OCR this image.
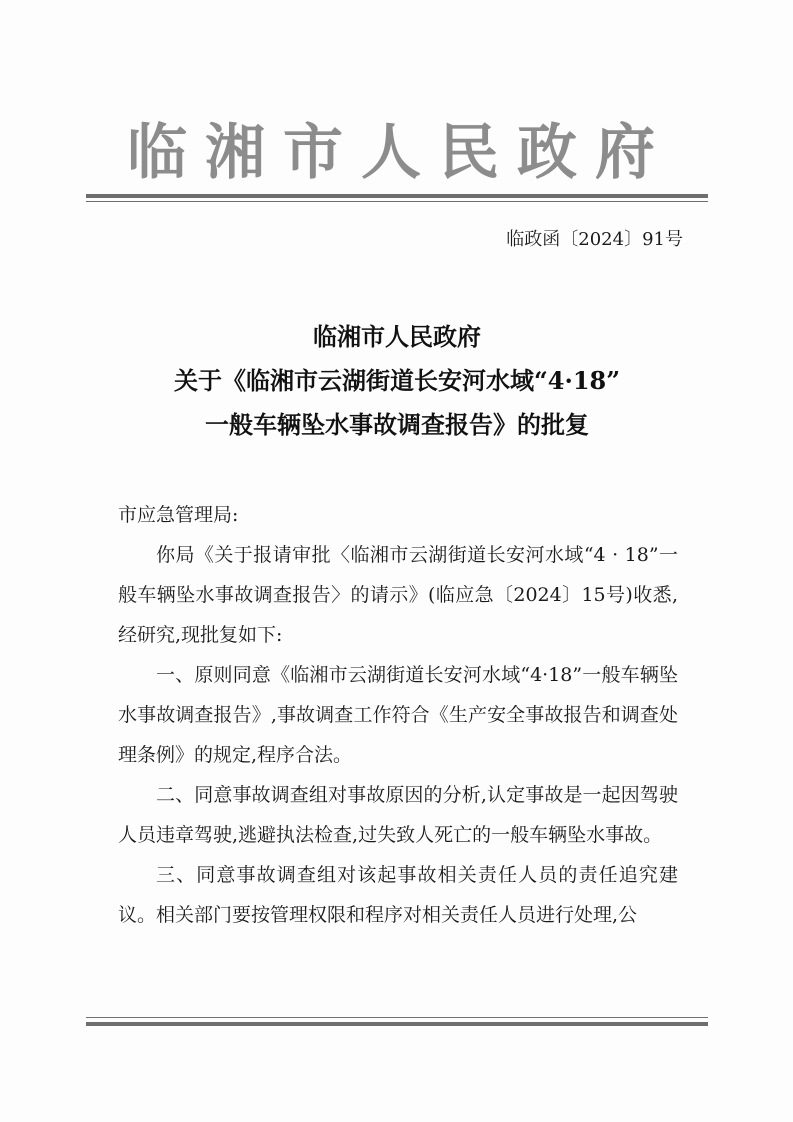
临湘市人民政府
临政函〔2024〕91号
临湘市人民政府
关于《临湘市云湖街道长安河水域“4·18”
一般车辆坠水事故调查报告》的批复

市应急管理局:

你局《关于报请审批〈临湘市云湖街道长安河水域“4 · 18”一般车辆坠水事故调查报告〉的请示》(临应急〔2024〕15号)收悉,经研究,现批复如下:

一、原则同意《临湘市云湖街道长安河水域“4·18”一般车辆坠水事故调查报告》,事故调查工作符合《生产安全事故报告和调查处理条例》的规定,程序合法。

二、同意事故调查组对事故原因的分析,认定事故是一起因驾驶人员违章驾驶,逃避执法检查,过失致人死亡的一般车辆坠水事故。

三、同意事故调查组对该起事故相关责任人员的责任追究建议。相关部门要按管理权限和程序对相关责任人员进行处理,公
